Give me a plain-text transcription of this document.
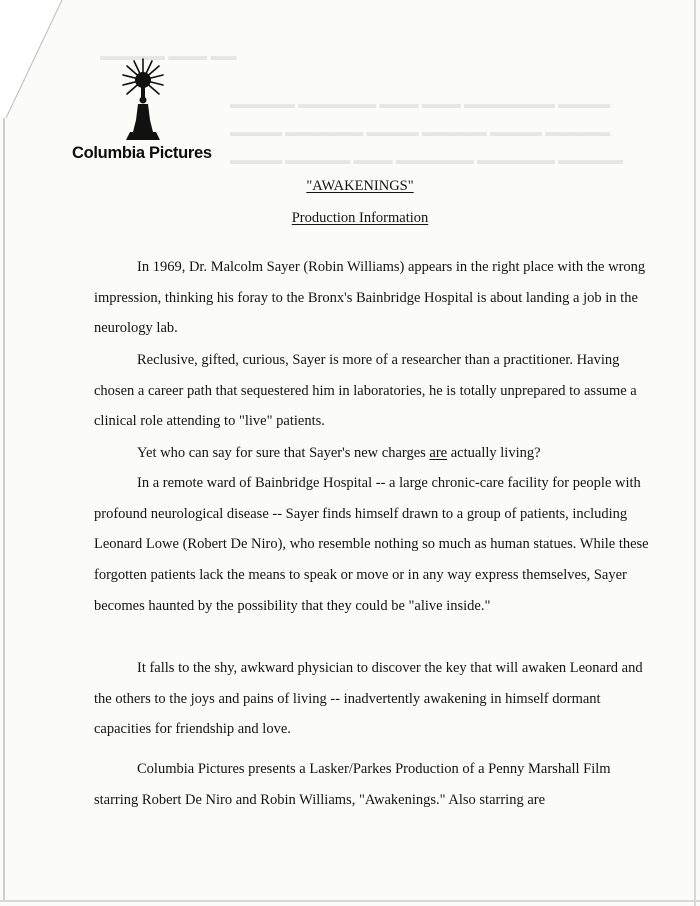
▬▬▬▬▬ ▬▬▬ ▬▬
▬▬▬▬▬ ▬▬▬▬▬▬ ▬▬▬ ▬▬▬ ▬▬▬▬▬▬▬ ▬▬▬▬
▬▬▬▬ ▬▬▬▬▬▬ ▬▬▬▬ ▬▬▬▬▬ ▬▬▬▬ ▬▬▬▬▬
▬▬▬▬ ▬▬▬▬▬ ▬▬▬ ▬▬▬▬▬▬ ▬▬▬▬▬▬ ▬▬▬▬▬
Columbia Pictures
"AWAKENINGS"
Production Information

In 1969, Dr. Malcolm Sayer (Robin Williams) appears in the right place with the wrong impression, thinking his foray to the Bronx's Bainbridge Hospital is about landing a job in the neurology lab.

Reclusive, gifted, curious, Sayer is more of a researcher than a practitioner. Having chosen a career path that sequestered him in laboratories, he is totally unprepared to assume a clinical role attending to "live" patients.

Yet who can say for sure that Sayer's new charges are actually living?

In a remote ward of Bainbridge Hospital -- a large chronic-care facility for people with profound neurological disease -- Sayer finds himself drawn to a group of patients, including Leonard Lowe (Robert De Niro), who resemble nothing so much as human statues. While these forgotten patients lack the means to speak or move or in any way express themselves, Sayer becomes haunted by the possibility that they could be "alive inside."

It falls to the shy, awkward physician to discover the key that will awaken Leonard and the others to the joys and pains of living -- inadvertently awakening in himself dormant capacities for friendship and love.

Columbia Pictures presents a Lasker/Parkes Production of a Penny Marshall Film starring Robert De Niro and Robin Williams, "Awakenings." Also starring are
